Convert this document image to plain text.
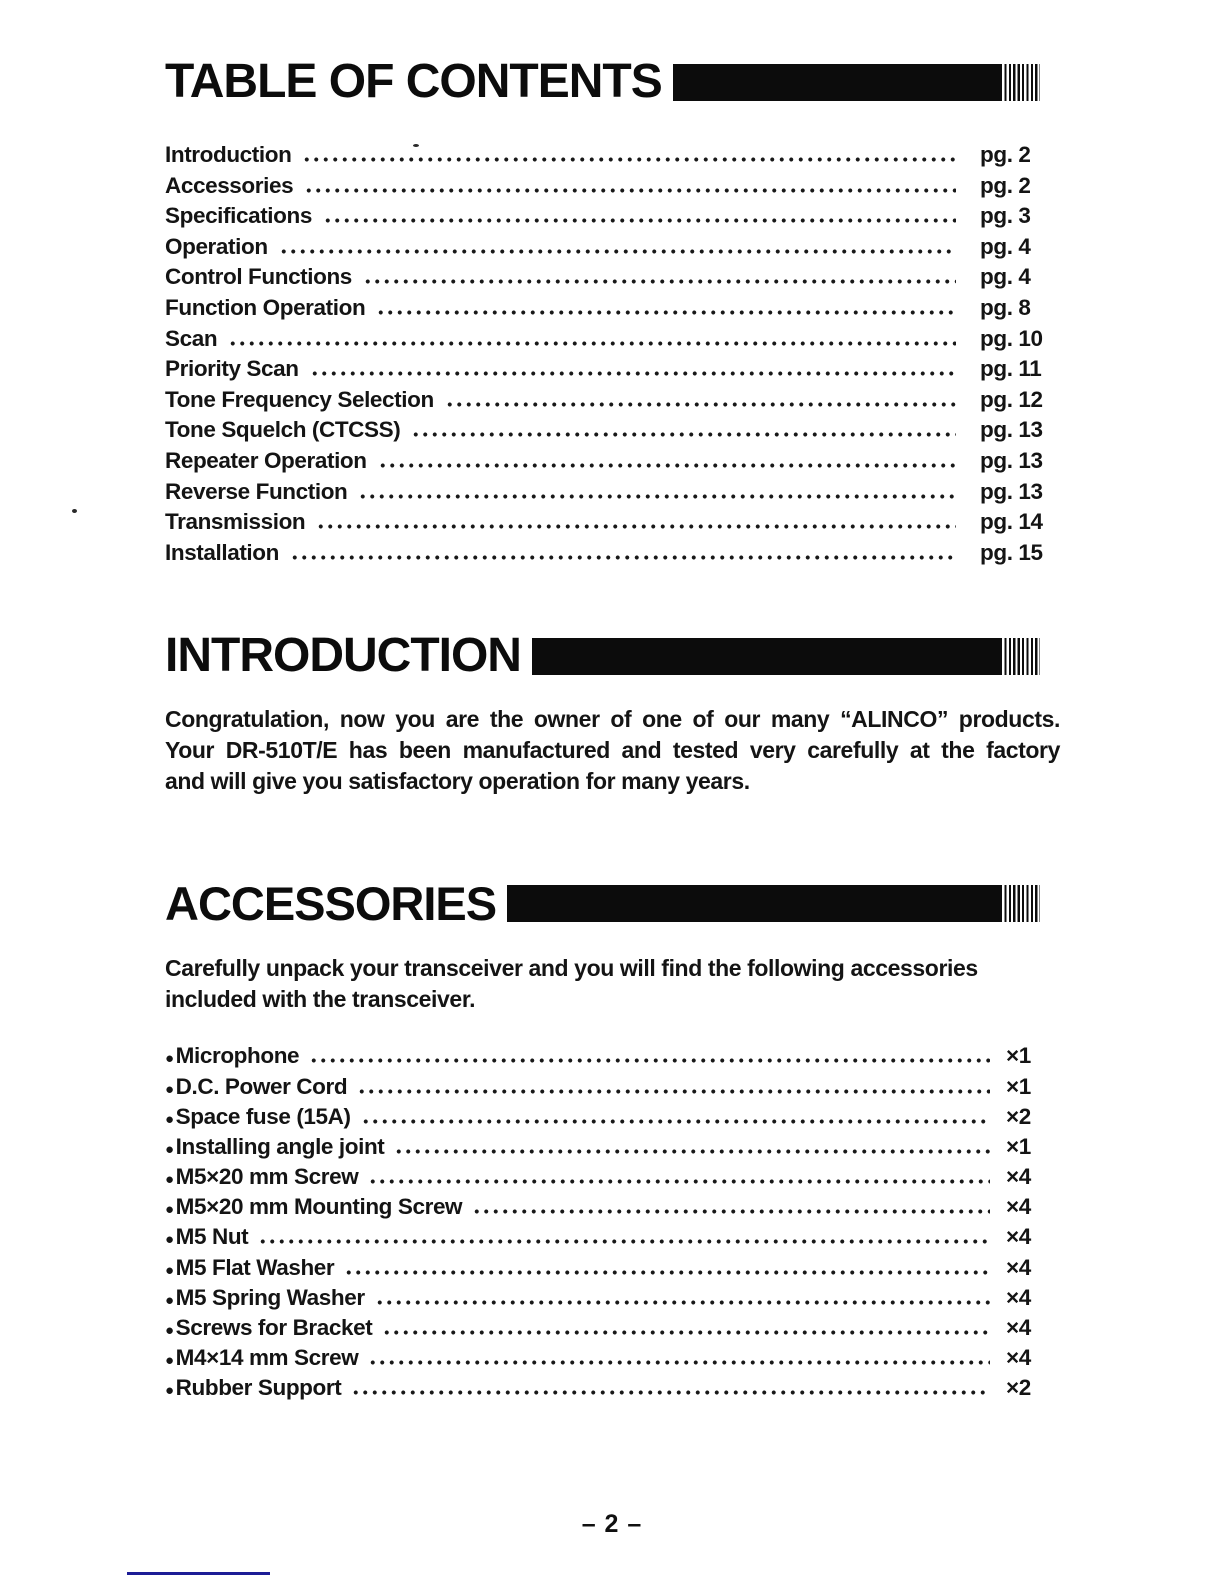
TABLE OF CONTENTS
Introduction	pg. 2
Accessories	pg. 2
Specifications	pg. 3
Operation	pg. 4
Control Functions	pg. 4
Function Operation	pg. 8
Scan	pg. 10
Priority Scan	pg. 11
Tone Frequency Selection	pg. 12
Tone Squelch (CTCSS)	pg. 13
Repeater Operation	pg. 13
Reverse Function	pg. 13
Transmission	pg. 14
Installation	pg. 15
INTRODUCTION
Congratulation, now you are the owner of one of our many “ALINCO” products.
Your DR-510T/E has been manufactured and tested very carefully at the factory
and will give you satisfactory operation for many years.
ACCESSORIES
Carefully unpack your transceiver and you will find the following accessories
included with the transceiver.
● Microphone	×1
● D.C. Power Cord	×1
● Space fuse (15A)	×2
● Installing angle joint	×1
● M5×20 mm Screw	×4
● M5×20 mm Mounting Screw	×4
● M5 Nut	×4
● M5 Flat Washer	×4
● M5 Spring Washer	×4
● Screws for Bracket	×4
● M4×14 mm Screw	×4
● Rubber Support	×2
– 2 –
